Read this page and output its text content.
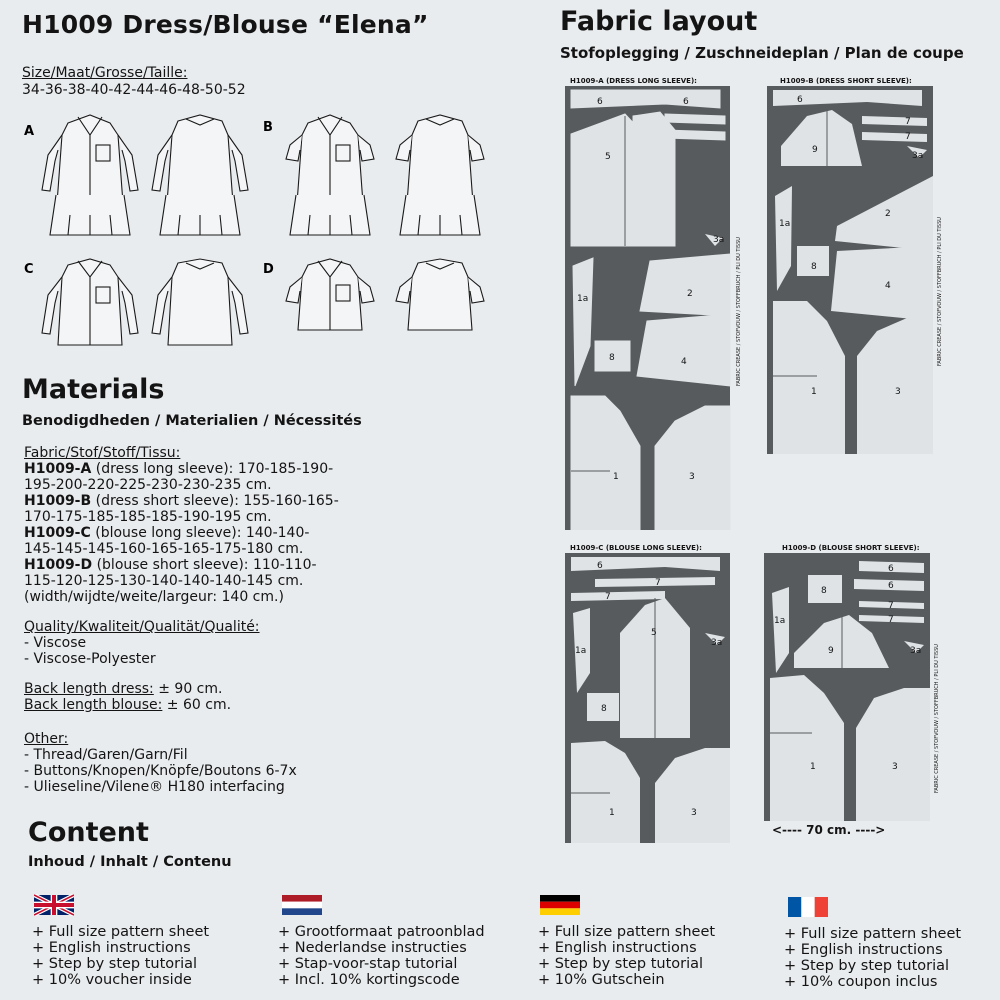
H1009 Dress/Blouse “Elena”
Size/Maat/Grosse/Taille:
34-36-38-40-42-44-46-48-50-52
A	B
C	D
Materials
Benodigdheden / Materialien / Nécessités
Fabric/Stof/Stoff/Tissu:
H1009-A (dress long sleeve): 170-185-190-
195-200-220-225-230-230-235 cm.
H1009-B (dress short sleeve): 155-160-165-
170-175-185-185-185-190-195 cm.
H1009-C (blouse long sleeve): 140-140-
145-145-145-160-165-165-175-180 cm.
H1009-D (blouse short sleeve): 110-110-
115-120-125-130-140-140-140-145 cm.
(width/wijdte/weite/largeur: 140 cm.)
Quality/Kwaliteit/Qualität/Qualité:
- Viscose
- Viscose-Polyester
Back length dress: ± 90 cm.
Back length blouse: ± 60 cm.
Other:
- Thread/Garen/Garn/Fil
- Buttons/Knopen/Knöpfe/Boutons 6-7x
- Ulieseline/Vilene® H180 interfacing
Content
Inhoud / Inhalt / Contenu
+ Full size pattern sheet
+ English instructions
+ Step by step tutorial
+ 10% voucher inside
+ Grootformaat patroonblad
+ Nederlandse instructies
+ Stap-voor-stap tutorial
+ Incl. 10% kortingscode
+ Full size pattern sheet
+ English instructions
+ Step by step tutorial
+ 10% Gutschein
+ Full size pattern sheet
+ English instructions
+ Step by step tutorial
+ 10% coupon inclus
Fabric layout
Stofoplegging / Zuschneideplan / Plan de coupe
H1009-A (DRESS LONG SLEEVE):	H1009-B (DRESS SHORT SLEEVE):
H1009-C (BLOUSE LONG SLEEVE):	H1009-D (BLOUSE SHORT SLEEVE):
6	6
5
3a
1a	2
8	4
1	3
FABRIC CREASE / STOFVOUW / STOFFBRUCH / PLI DU TISSU
6
7
7
9
3a
1a
2
8
4
1	3
FABRIC CREASE / STOFVOUW / STOFFBRUCH / PLI DU TISSU
6
7
7
1a
5
3a
8
1	3
8
6
6
7
7
1a
9	3a
1	3	FABRIC CREASE / STOFVOUW / STOFFBRUCH / PLI DU TISSU
<---- 70 cm. ---->
